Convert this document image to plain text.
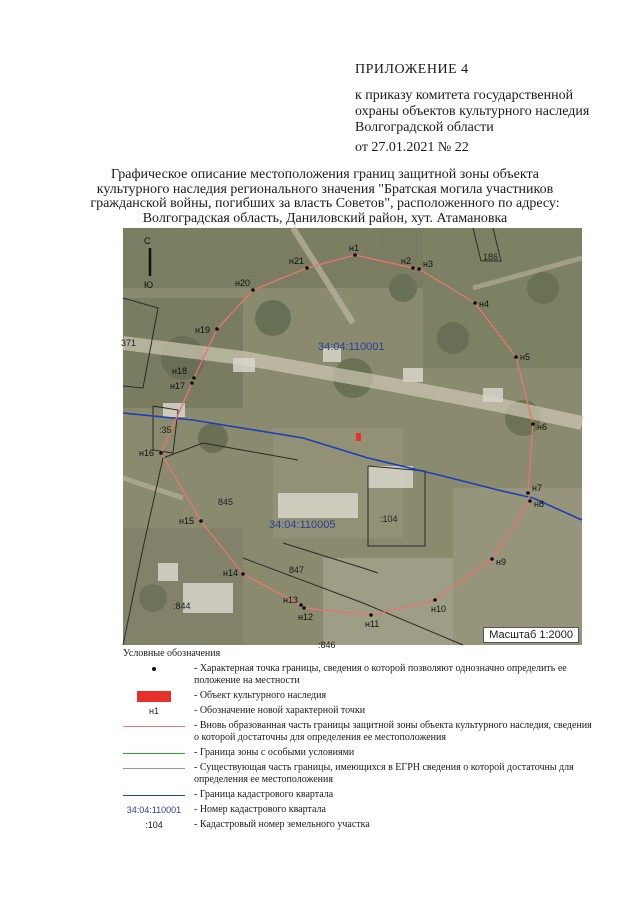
ПРИЛОЖЕНИЕ 4
к приказу комитета государственной охраны объектов культурного наследия Волгоградской области
от 27.01.2021 № 22
Графическое описание местоположения границ защитной зоны объекта культурного наследия регионального значения "Братская могила участников гражданской войны, погибших за власть Советов", расположенного по адресу: Волгоградская область, Даниловский район, хут. Атамановка
34:04:110001
34:04:110005
186
371
:35
845
:104
847
:844
:846
С
Ю
н1
н2 н3
н4
н5
н6
н7
н8
н9
н10
н11
н12
н13
н14
н15
н16
н17
н18
н19
н20
н21
Масштаб 1:2000
Условные обозначения
- Характерная точка границы, сведения о которой позволяют однозначно определить ее положение на местности
- Объект культурного наследия
н1	- Обозначение новой характерной точки
- Вновь образованная часть границы защитной зоны объекта культурного наследия, сведения о которой достаточны для определения ее местоположения
- Граница зоны с особыми условиями
- Существующая часть границы, имеющихся в ЕГРН сведения о которой достаточны для определения ее местоположения
- Граница кадастрового квартала
34:04:110001	- Номер кадастрового квартала
:104	- Кадастровый номер земельного участка
